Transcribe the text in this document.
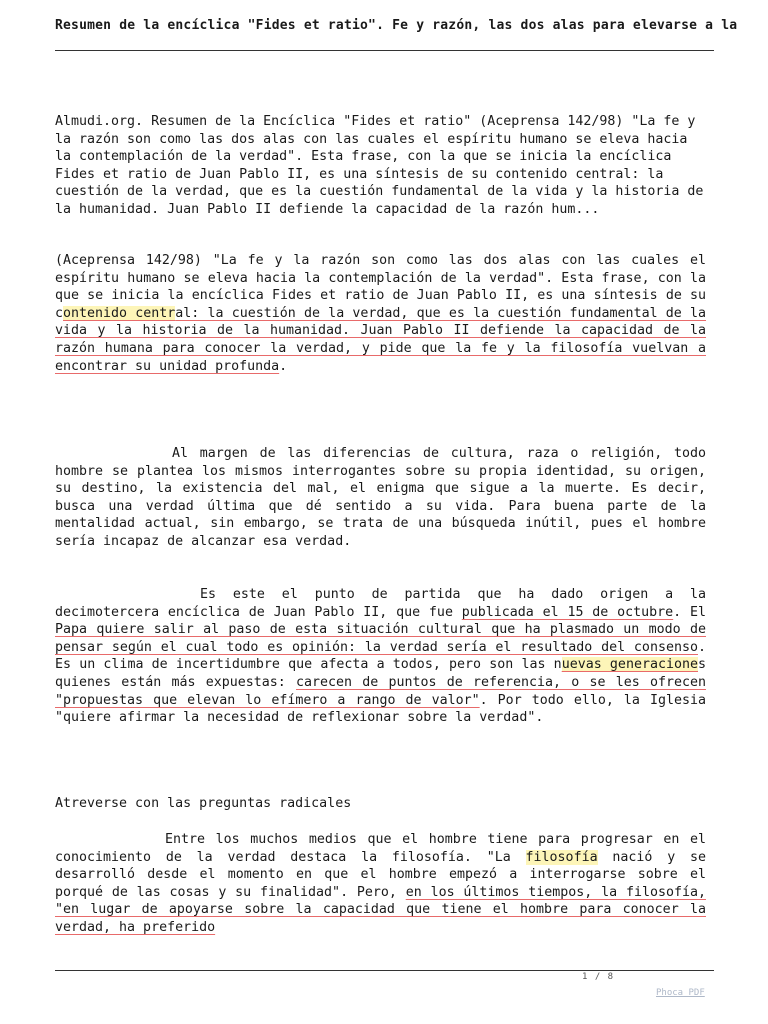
Resumen de la encíclica "Fides et ratio". Fe y razón, las dos alas para elevarse a la

Almudi.org. Resumen de la Encíclica "Fides et ratio" (Aceprensa 142/98) "La fe y la razón son como las dos alas con las cuales el espíritu humano se eleva hacia la contemplación de la verdad". Esta frase, con la que se inicia la encíclica Fides et ratio de Juan Pablo II, es una síntesis de su contenido central: la cuestión de la verdad, que es la cuestión fundamental de la vida y la historia de la humanidad. Juan Pablo II defiende la capacidad de la razón hum...

(Aceprensa 142/98) "La fe y la razón son como las dos alas con las cuales el espíritu humano se eleva hacia la contemplación de la verdad". Esta frase, con la que se inicia la encíclica Fides et ratio de Juan Pablo II, es una síntesis de su contenido central: la cuestión de la verdad, que es la cuestión fundamental de la vida y la historia de la humanidad. Juan Pablo II defiende la capacidad de la razón humana para conocer la verdad, y pide que la fe y la filosofía vuelvan a encontrar su unidad profunda.

Al margen de las diferencias de cultura, raza o religión, todo hombre se plantea los mismos interrogantes sobre su propia identidad, su origen, su destino, la existencia del mal, el enigma que sigue a la muerte. Es decir, busca una verdad última que dé sentido a su vida. Para buena parte de la mentalidad actual, sin embargo, se trata de una búsqueda inútil, pues el hombre sería incapaz de alcanzar esa verdad.

Es este el punto de partida que ha dado origen a la decimotercera encíclica de Juan Pablo II, que fue publicada el 15 de octubre. El Papa quiere salir al paso de esta situación cultural que ha plasmado un modo de pensar según el cual todo es opinión: la verdad sería el resultado del consenso. Es un clima de incertidumbre que afecta a todos, pero son las nuevas generaciones quienes están más expuestas: carecen de puntos de referencia, o se les ofrecen "propuestas que elevan lo efímero a rango de valor". Por todo ello, la Iglesia "quiere afirmar la necesidad de reflexionar sobre la verdad".

Atreverse con las preguntas radicales

Entre los muchos medios que el hombre tiene para progresar en el conocimiento de la verdad destaca la filosofía. "La filosofía nació y se desarrolló desde el momento en que el hombre empezó a interrogarse sobre el porqué de las cosas y su finalidad". Pero, en los últimos tiempos, la filosofía, "en lugar de apoyarse sobre la capacidad que tiene el hombre para conocer la verdad, ha preferido

1 / 8
Phoca PDF
